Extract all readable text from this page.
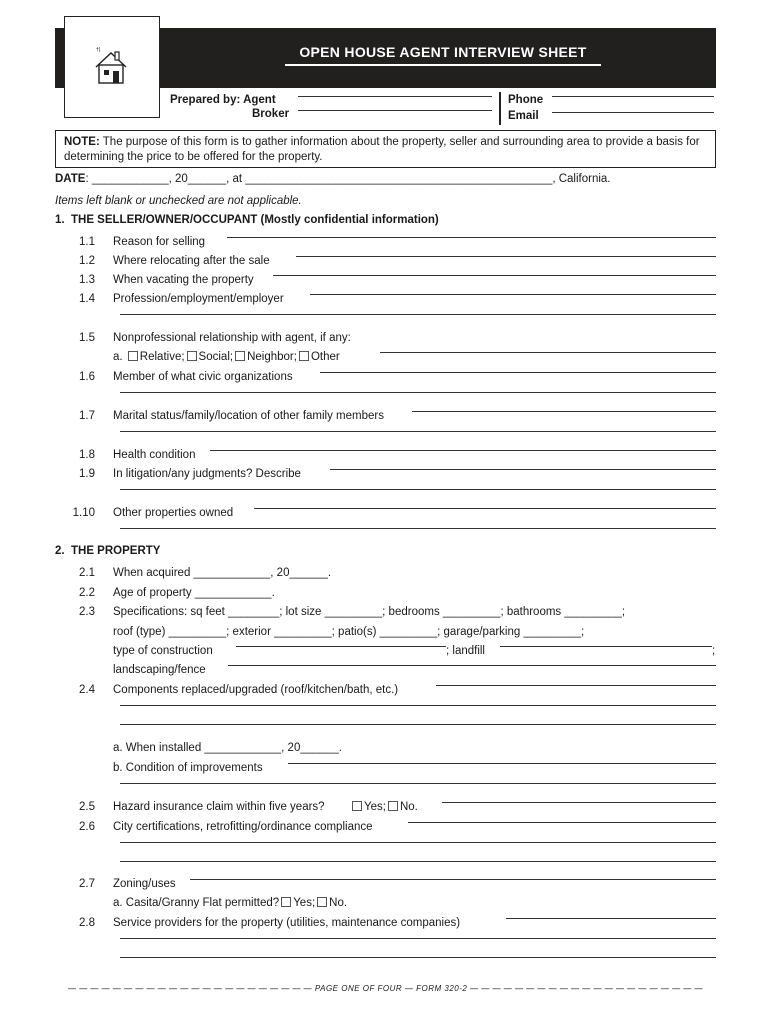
†|	OPEN HOUSE AGENT INTERVIEW SHEET
Prepared by: Agent
Broker
Phone
Email
NOTE: The purpose of this form is to gather information about the property, seller and surrounding area to provide a basis for determining the price to be offered for the property.
DATE: ____________, 20______, at ________________________________________________, California.
Items left blank or unchecked are not applicable.
1. THE SELLER/OWNER/OCCUPANT (Mostly confidential information)
1.1 Reason for selling
1.2 Where relocating after the sale
1.3 When vacating the property
1.4 Profession/employment/employer
1.5 Nonprofessional relationship with agent, if any:
a. Relative; Social; Neighbor; Other
1.6 Member of what civic organizations
1.7 Marital status/family/location of other family members
1.8 Health condition
1.9 In litigation/any judgments? Describe
1.10 Other properties owned
2. THE PROPERTY
2.1 When acquired ____________, 20______.
2.2 Age of property ____________.
2.3 Specifications: sq feet ________; lot size _________; bedrooms _________; bathrooms _________;
roof (type) _________; exterior _________; patio(s) _________; garage/parking _________;
type of construction	; landfill	;
landscaping/fence
2.4 Components replaced/upgraded (roof/kitchen/bath, etc.)
a. When installed ____________, 20______.
b. Condition of improvements
2.5 Hazard insurance claim within five years?	Yes; No.
2.6 City certifications, retrofitting/ordinance compliance
2.7 Zoning/uses
a. Casita/Granny Flat permitted? Yes; No.
2.8 Service providers for the property (utilities, maintenance companies)
— — — — — — — — — — — — — — — — — — — — — — PAGE ONE OF FOUR — FORM 320-2 — — — — — — — — — — — — — — — — — — — — —
